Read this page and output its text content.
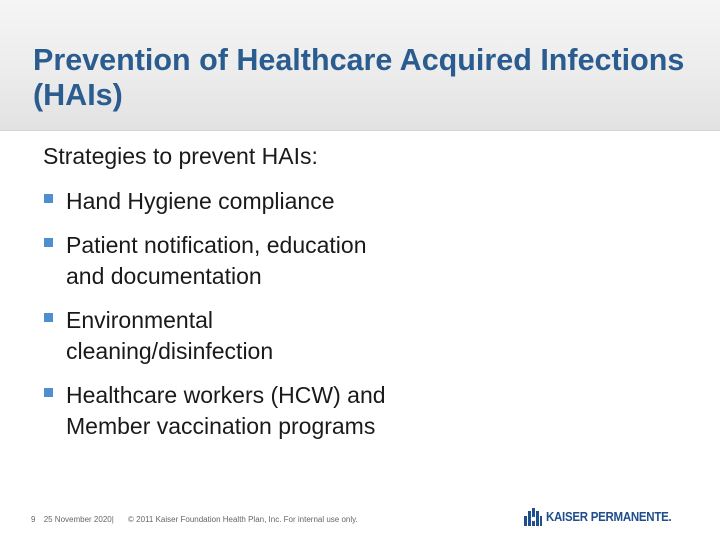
Prevention of Healthcare Acquired Infections (HAIs)
Strategies to prevent HAIs:
Hand Hygiene compliance
Patient notification, education
and documentation
Environmental
cleaning/disinfection
Healthcare workers (HCW) and
Member vaccination programs
9 25 November 2020| © 2011 Kaiser Foundation Health Plan, Inc. For internal use only.	KAISER PERMANENTE.
